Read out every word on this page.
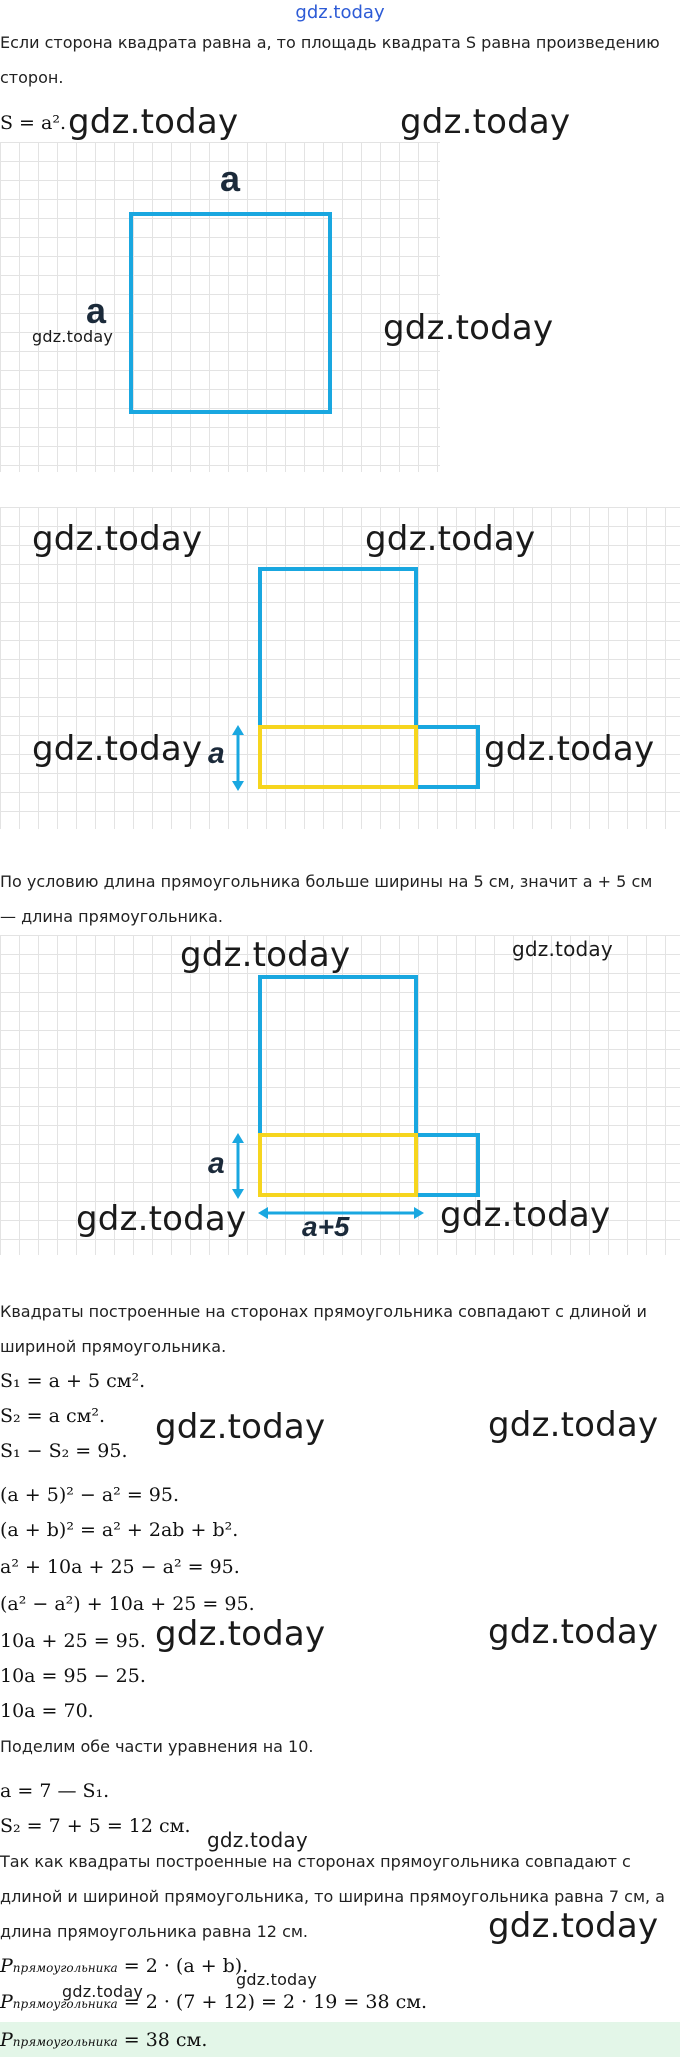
gdz.today
Если сторона квадрата равна a, то площадь квадрата S равна произведению
сторон.
S = a². gdz.today	gdz.today
a
a
gdz.today	gdz.today
gdz.today	gdz.today
a
gdz.today	gdz.today
По условию длина прямоугольника больше ширины на 5 см, значит a + 5 см
— длина прямоугольника.
gdz.today	gdz.today
a
a+5
gdz.today	gdz.today
Квадраты построенные на сторонах прямоугольника совпадают с длиной и
шириной прямоугольника.
S₁ = a + 5 см².
S₂ = a см².
S₁ − S₂ = 95.
gdz.today	gdz.today
(a + 5)² − a² = 95.
(a + b)² = a² + 2ab + b².
a² + 10a + 25 − a² = 95.
(a² − a²) + 10a + 25 = 95.
10a + 25 = 95. gdz.today	gdz.today
10a = 95 − 25.
10a = 70.
Поделим обе части уравнения на 10.
a = 7 — S₁.
S₂ = 7 + 5 = 12 см.
gdz.today
Так как квадраты построенные на сторонах прямоугольника совпадают с
длиной и шириной прямоугольника, то ширина прямоугольника равна 7 см, а
длина прямоугольника равна 12 см.	gdz.today
Pпрямоугольника = 2 · (a + b).
gdz.today
Pпрямоугольника = 2 · (7 + 12) = 2 · 19 = 38 см.
gdz.today
Pпрямоугольника = 38 см.
